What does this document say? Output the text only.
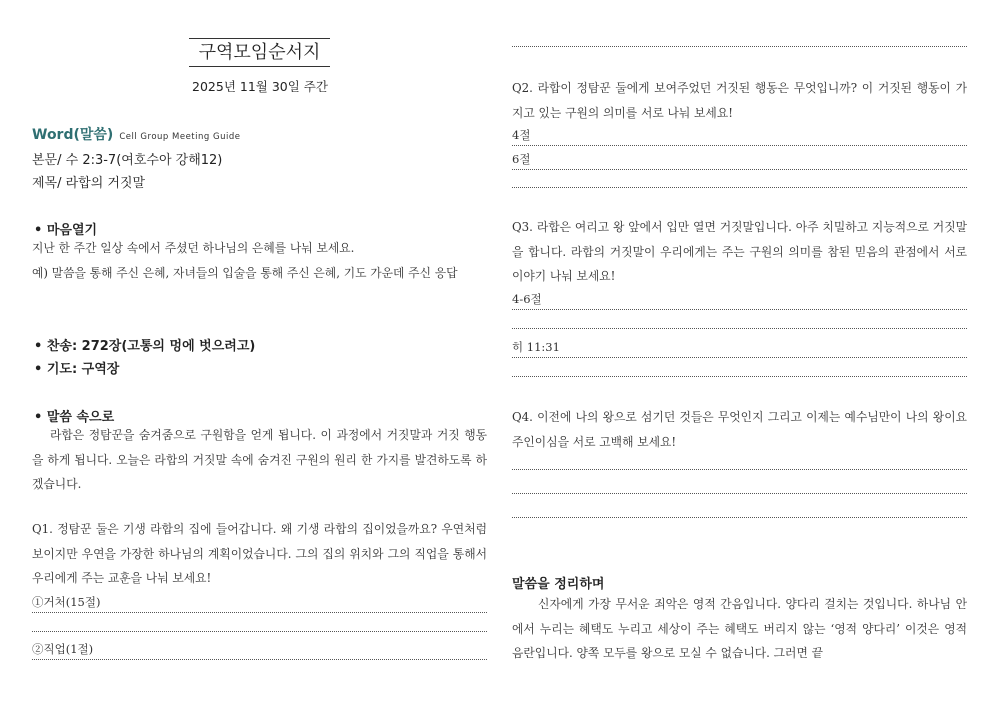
구역모임순서지
2025년 11월 30일 주간
Word(말씀) Cell Group Meeting Guide
본문/ 수 2:3-7(여호수아 강해12)
제목/ 라합의 거짓말
• 마음열기
지난 한 주간 일상 속에서 주셨던 하나님의 은혜를 나눠 보세요.
예) 말씀을 통해 주신 은혜, 자녀들의 입술을 통해 주신 은혜, 기도 가운데 주신 응답
• 찬송: 272장(고통의 멍에 벗으려고)
• 기도: 구역장
• 말씀 속으로
라합은 정탐꾼을 숨겨줌으로 구원함을 얻게 됩니다. 이 과정에서 거짓말과 거짓 행동을 하게 됩니다. 오늘은 라합의 거짓말 속에 숨겨진 구원의 원리 한 가지를 발견하도록 하겠습니다.
Q1. 정탐꾼 둘은 기생 라합의 집에 들어갑니다. 왜 기생 라합의 집이었을까요? 우연처럼 보이지만 우연을 가장한 하나님의 계획이었습니다. 그의 집의 위치와 그의 직업을 통해서 우리에게 주는 교훈을 나눠 보세요!
①거처(15절)
②직업(1절)
Q2. 라합이 정탐꾼 둘에게 보여주었던 거짓된 행동은 무엇입니까? 이 거짓된 행동이 가지고 있는 구원의 의미를 서로 나눠 보세요!
4절
6절
Q3. 라합은 여리고 왕 앞에서 입만 열면 거짓말입니다. 아주 치밀하고 지능적으로 거짓말을 합니다. 라합의 거짓말이 우리에게는 주는 구원의 의미를 참된 믿음의 관점에서 서로 이야기 나눠 보세요!
4-6절
히 11:31
Q4. 이전에 나의 왕으로 섬기던 것들은 무엇인지 그리고 이제는 예수님만이 나의 왕이요 주인이심을 서로 고백해 보세요!
말씀을 정리하며
신자에게 가장 무서운 죄악은 영적 간음입니다. 양다리 걸치는 것입니다. 하나님 안에서 누리는 혜택도 누리고 세상이 주는 혜택도 버리지 않는 ‘영적 양다리’ 이것은 영적 음란입니다. 양쪽 모두를 왕으로 모실 수 없습니다. 그러면 끝
